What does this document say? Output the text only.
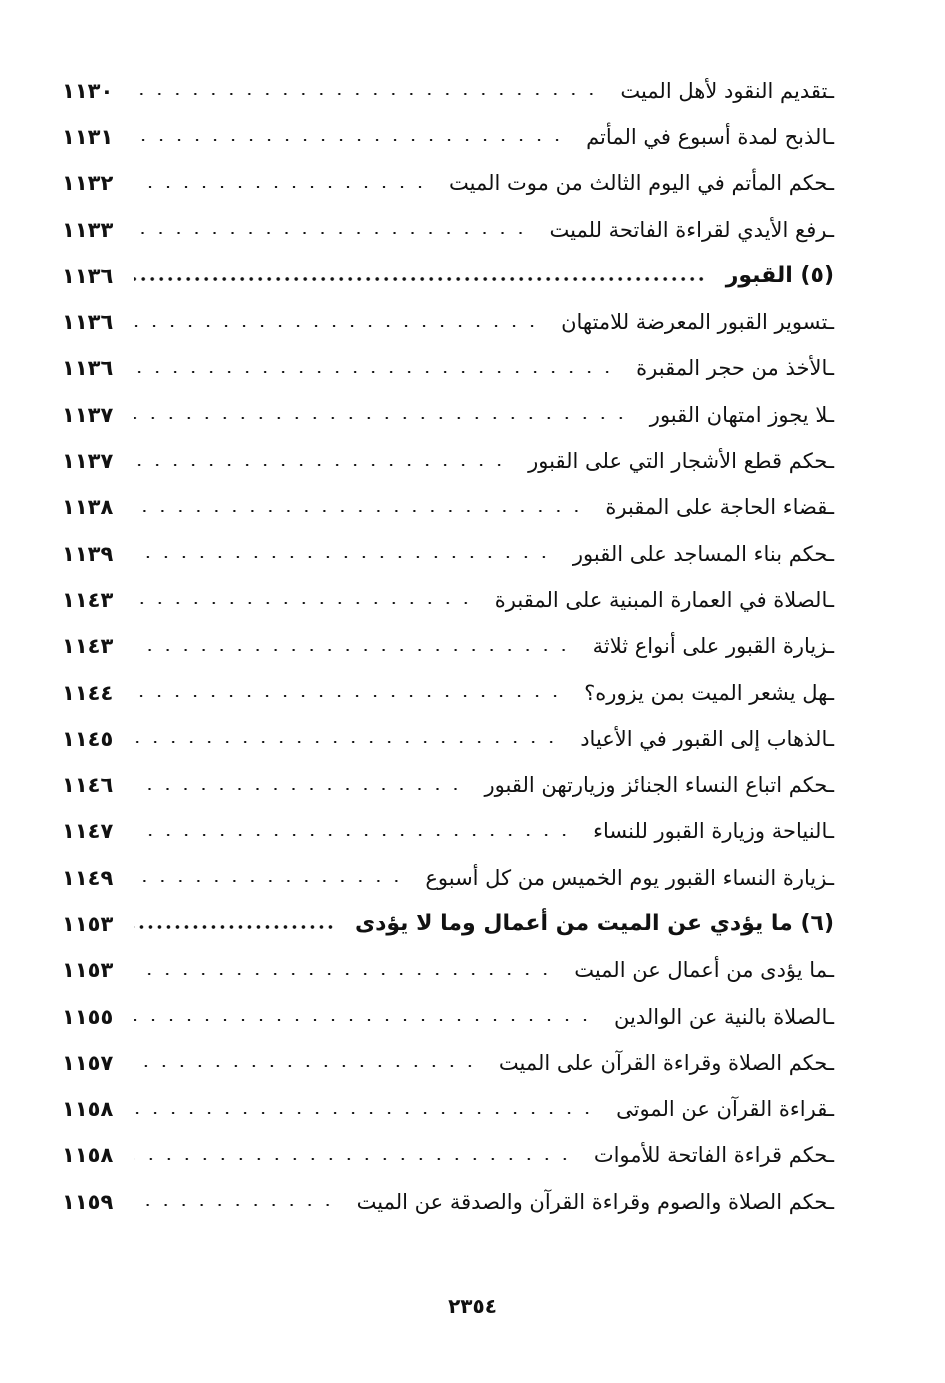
ـتقديم النقود لأهل الميت
١١٣٠
ـالذبح لمدة أسبوع في المأتم
١١٣١
ـحكم المأتم في اليوم الثالث من موت الميت
١١٣٢
ـرفع الأيدي لقراءة الفاتحة للميت
١١٣٣
(٥) القبور
١١٣٦
ـتسوير القبور المعرضة للامتهان
١١٣٦
ـالأخذ من حجر المقبرة
١١٣٦
ـلا يجوز امتهان القبور
١١٣٧
ـحكم قطع الأشجار التي على القبور
١١٣٧
ـقضاء الحاجة على المقبرة
١١٣٨
ـحكم بناء المساجد على القبور
١١٣٩
ـالصلاة في العمارة المبنية على المقبرة
١١٤٣
ـزيارة القبور على أنواع ثلاثة
١١٤٣
ـهل يشعر الميت بمن يزوره؟
١١٤٤
ـالذهاب إلى القبور في الأعياد
١١٤٥
ـحكم اتباع النساء الجنائز وزيارتهن القبور
١١٤٦
ـالنياحة وزيارة القبور للنساء
١١٤٧
ـزيارة النساء القبور يوم الخميس من كل أسبوع
١١٤٩
(٦) ما يؤدي عن الميت من أعمال وما لا يؤدى
١١٥٣
ـما يؤدى من أعمال عن الميت
١١٥٣
ـالصلاة بالنية عن الوالدين
١١٥٥
ـحكم الصلاة وقراءة القرآن على الميت
١١٥٧
ـقراءة القرآن عن الموتى
١١٥٨
ـحكم قراءة الفاتحة للأموات
١١٥٨
ـحكم الصلاة والصوم وقراءة القرآن والصدقة عن الميت
١١٥٩
٢٣٥٤
